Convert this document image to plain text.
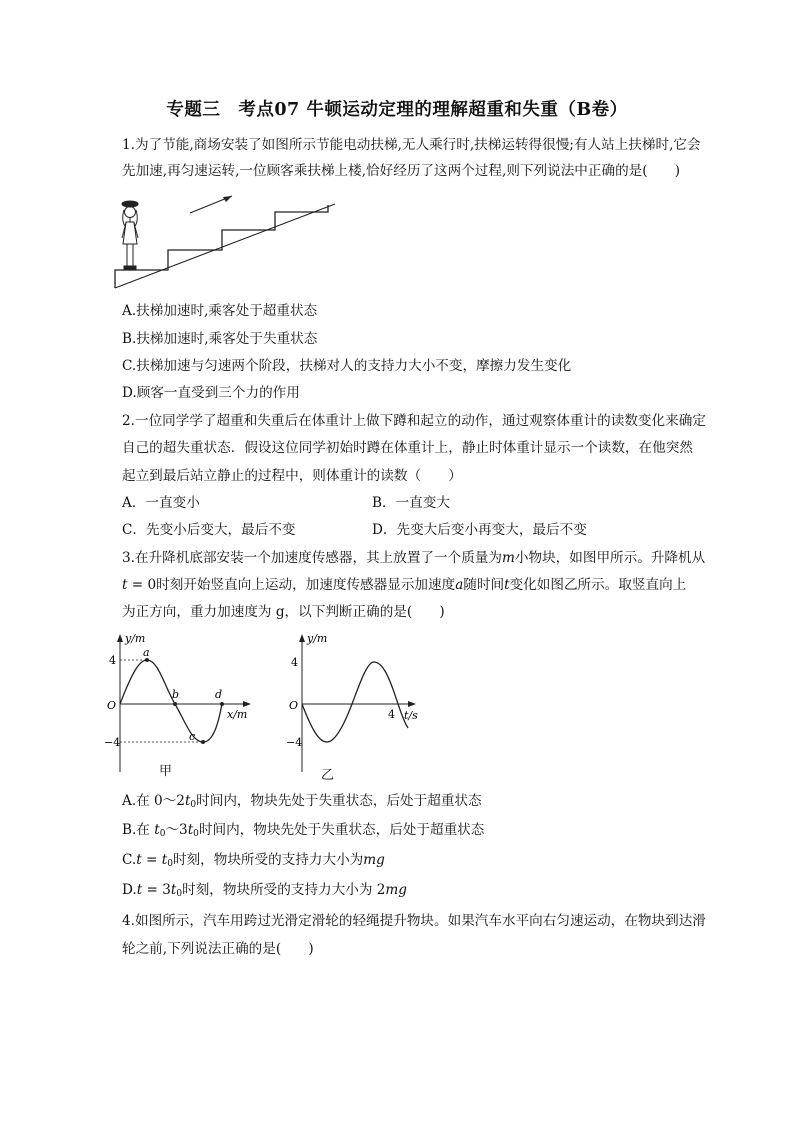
专题三　考点07 牛顿运动定理的理解超重和失重（B卷）
1.为了节能,商场安装了如图所示节能电动扶梯,无人乘行时,扶梯运转得很慢;有人站上扶梯时,它会
先加速,再匀速运转,一位顾客乘扶梯上楼,恰好经历了这两个过程,则下列说法中正确的是(　　)
A.扶梯加速时,乘客处于超重状态
B.扶梯加速时,乘客处于失重状态
C.扶梯加速与匀速两个阶段，扶梯对人的支持力大小不变，摩擦力发生变化
D.顾客一直受到三个力的作用
2.一位同学学了超重和失重后在体重计上做下蹲和起立的动作，通过观察体重计的读数变化来确定
自己的超失重状态．假设这位同学初始时蹲在体重计上，静止时体重计显示一个读数，在他突然
起立到最后站立静止的过程中，则体重计的读数（　　）
A．一直变小	B．一直变大
C．先变小后变大，最后不变	D．先变大后变小再变大，最后不变
3.在升降机底部安装一个加速度传感器，其上放置了一个质量为m小物块，如图甲所示。升降机从
t = 0时刻开始竖直向上运动，加速度传感器显示加速度a随时间t变化如图乙所示。取竖直向上
为正方向，重力加速度为 g，以下判断正确的是(　　)
y/m
x/m
O
4
−4
a
b
c
d
甲
y/m
t/s
O
4
−4
4
乙
A.在 $0\sim 2t_0$时间内，物块先处于失重状态，后处于超重状态
B.在 $t_0\sim 3t_0$时间内，物块先处于失重状态，后处于超重状态
$C.t = t_0$时刻，物块所受的支持力大小为mg
$D.t = 3t_0$时刻，物块所受的支持力大小为 2mg
4.如图所示，汽车用跨过光滑定滑轮的轻绳提升物块。如果汽车水平向右匀速运动，在物块到达滑
轮之前,下列说法正确的是(　　)
